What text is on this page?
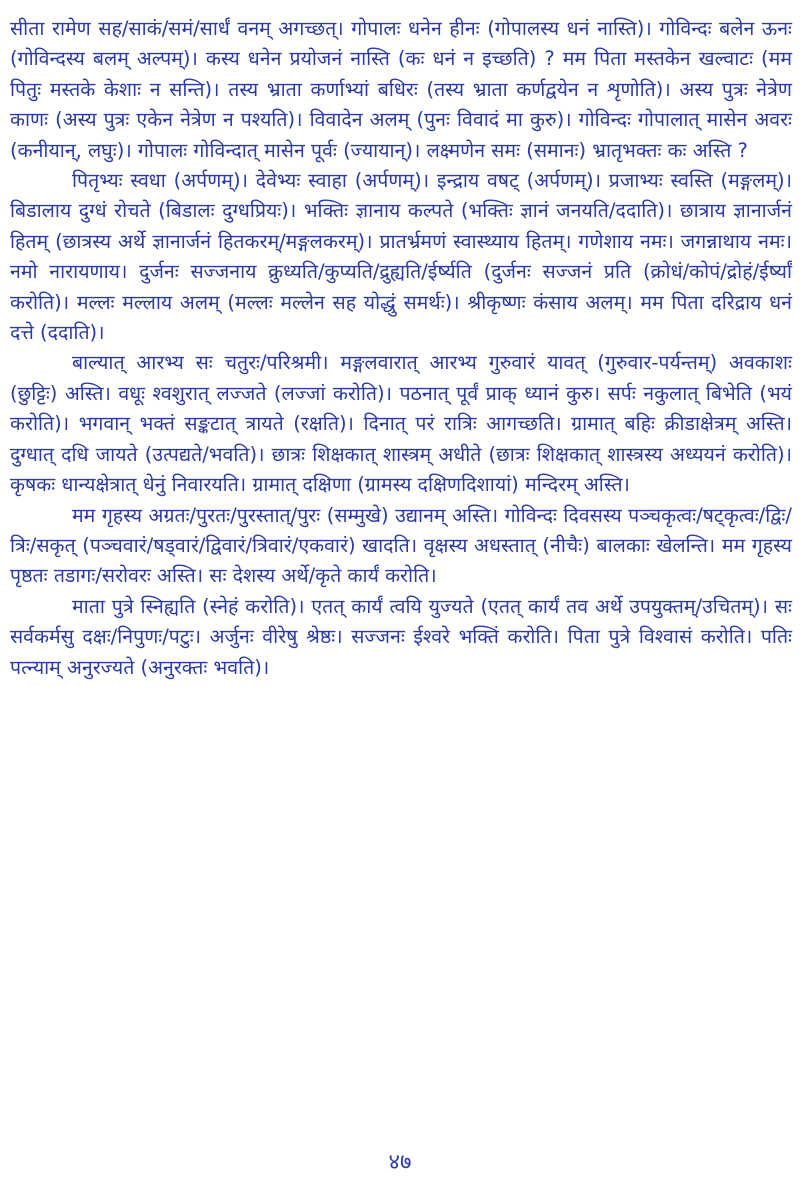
सीता रामेण सह/साकं/समं/सार्धं वनम् अगच्छत्। गोपालः धनेन हीनः (गोपालस्य धनं नास्ति)। गोविन्दः बलेन ऊनः (गोविन्दस्य बलम् अल्पम्)। कस्य धनेन प्रयोजनं नास्ति (कः धनं न इच्छति) ? मम पिता मस्तकेन खल्वाटः (मम पितुः मस्तके केशाः न सन्ति)। तस्य भ्राता कर्णाभ्यां बधिरः (तस्य भ्राता कर्णद्वयेन न शृणोति)। अस्य पुत्रः नेत्रेण काणः (अस्य पुत्रः एकेन नेत्रेण न पश्यति)। विवादेन अलम् (पुनः विवादं मा कुरु)। गोविन्दः गोपालात् मासेन अवरः (कनीयान्, लघुः)। गोपालः गोविन्दात् मासेन पूर्वः (ज्यायान्)। लक्ष्मणेन समः (समानः) भ्रातृभक्तः कः अस्ति ?

पितृभ्यः स्वधा (अर्पणम्)। देवेभ्यः स्वाहा (अर्पणम्)। इन्द्राय वषट् (अर्पणम्)। प्रजाभ्यः स्वस्ति (मङ्गलम्)। बिडालाय दुग्धं रोचते (बिडालः दुग्धप्रियः)। भक्तिः ज्ञानाय कल्पते (भक्तिः ज्ञानं जनयति/ददाति)। छात्राय ज्ञानार्जनं हितम् (छात्रस्य अर्थे ज्ञानार्जनं हितकरम्/मङ्गलकरम्)। प्रातर्भ्रमणं स्वास्थ्याय हितम्। गणेशाय नमः। जगन्नाथाय नमः। नमो नारायणाय। दुर्जनः सज्जनाय क्रुध्यति/कुप्यति/द्रुह्यति/ईर्ष्यति (दुर्जनः सज्जनं प्रति (क्रोधं/कोपं/द्रोहं/ईर्ष्यां करोति)। मल्लः मल्लाय अलम् (मल्लः मल्लेन सह योद्धुं समर्थः)। श्रीकृष्णः कंसाय अलम्। मम पिता दरिद्राय धनं दत्ते (ददाति)।

बाल्यात् आरभ्य सः चतुरः/परिश्रमी। मङ्गलवारात् आरभ्य गुरुवारं यावत् (गुरुवार-पर्यन्तम्) अवकाशः (छुट्टिः) अस्ति। वधूः श्वशुरात् लज्जते (लज्जां करोति)। पठनात् पूर्वं प्राक् ध्यानं कुरु। सर्पः नकुलात् बिभेति (भयं करोति)। भगवान् भक्तं सङ्कटात् त्रायते (रक्षति)। दिनात् परं रात्रिः आगच्छति। ग्रामात् बहिः क्रीडाक्षेत्रम् अस्ति। दुग्धात् दधि जायते (उत्पद्यते/भवति)। छात्रः शिक्षकात् शास्त्रम् अधीते (छात्रः शिक्षकात् शास्त्रस्य अध्ययनं करोति)। कृषकः धान्यक्षेत्रात् धेनुं निवारयति। ग्रामात् दक्षिणा (ग्रामस्य दक्षिणदिशायां) मन्दिरम् अस्ति।

मम गृहस्य अग्रतः/पुरतः/पुरस्तात्/पुरः (सम्मुखे) उद्यानम् अस्ति। गोविन्दः दिवसस्य पञ्चकृत्वः/षट्कृत्वः/द्विः/त्रिः/सकृत् (पञ्चवारं/षड्वारं/द्विवारं/त्रिवारं/एकवारं) खादति। वृक्षस्य अधस्तात् (नीचैः) बालकाः खेलन्ति। मम गृहस्य पृष्ठतः तडागः/सरोवरः अस्ति। सः देशस्य अर्थे/कृते कार्यं करोति।

माता पुत्रे स्निह्यति (स्नेहं करोति)। एतत् कार्यं त्वयि युज्यते (एतत् कार्यं तव अर्थे उपयुक्तम्/उचितम्)। सः सर्वकर्मसु दक्षः/निपुणः/पटुः। अर्जुनः वीरेषु श्रेष्ठः। सज्जनः ईश्वरे भक्तिं करोति। पिता पुत्रे विश्वासं करोति। पतिः पत्न्याम् अनुरज्यते (अनुरक्तः भवति)।

४७
